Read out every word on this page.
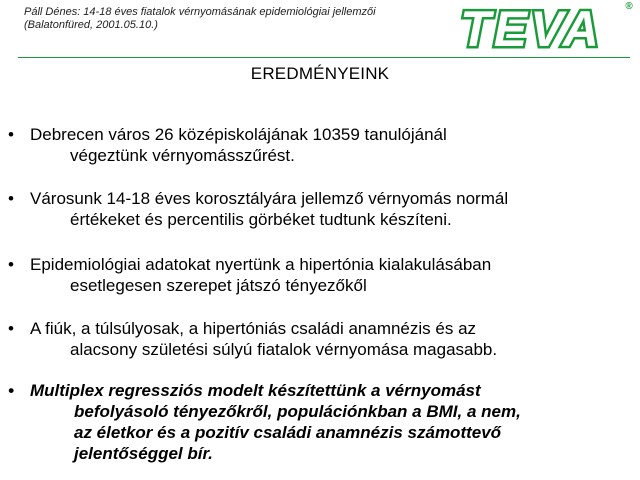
Páll Dénes: 14-18 éves fiatalok vérnyomásának epidemiológiai jellemzői
(Balatonfüred, 2001.05.10.)	TEVA	®
EREDMÉNYEINK
• Debrecen város 26 középiskolájának 10359 tanulójánál
végeztünk vérnyomásszűrést.
• Városunk 14-18 éves korosztályára jellemző vérnyomás normál
értékeket és percentilis görbéket tudtunk készíteni.
• Epidemiológiai adatokat nyertünk a hipertónia kialakulásában
esetlegesen szerepet játszó tényezőkől
• A fiúk, a túlsúlyosak, a hipertóniás családi anamnézis és az
alacsony születési súlyú fiatalok vérnyomása magasabb.
• Multiplex regressziós modelt készítettünk a vérnyomást
befolyásoló tényezőkről, populációnkban a BMI, a nem,
az életkor és a pozitív családi anamnézis számottevő
jelentőséggel bír.
